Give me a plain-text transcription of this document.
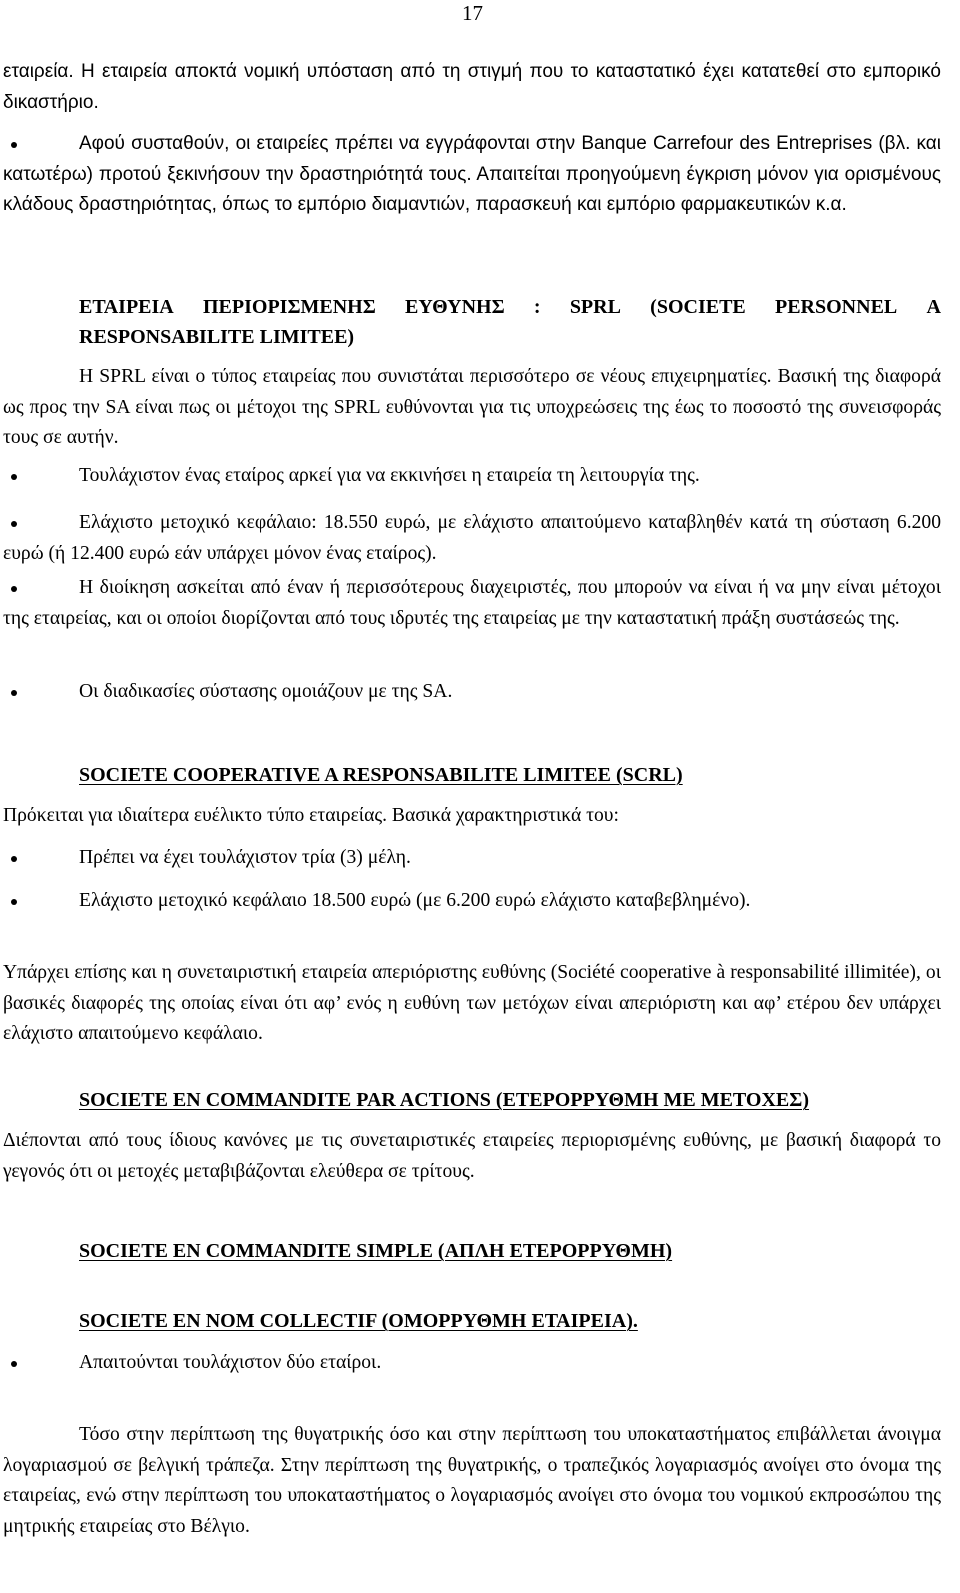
17

εταιρεία. Η εταιρεία αποκτά νομική υπόσταση από τη στιγμή που το καταστατικό έχει κατατεθεί στο εμπορικό δικαστήριο.

Αφού συσταθούν, οι εταιρείες πρέπει να εγγράφονται στην Banque Carrefour des Entreprises (βλ. και κατωτέρω) προτού ξεκινήσουν την δραστηριότητά τους. Απαιτείται προηγούμενη έγκριση μόνον για ορισμένους κλάδους δραστηριότητας, όπως το εμπόριο διαμαντιών, παρασκευή και εμπόριο φαρμακευτικών κ.α.
ΕΤΑΙΡΕΙΑ ΠΕΡΙΟΡΙΣΜΕΝΗΣ ΕΥΘΥΝΗΣ : SPRL (SOCIETE PERSONNEL A
RESPONSABILITE LIMITEE)

Η SPRL είναι ο τύπος εταιρείας που συνιστάται περισσότερο σε νέους επιχειρηματίες. Βασική της διαφορά ως προς την SA είναι πως οι μέτοχοι της SPRL ευθύνονται για τις υποχρεώσεις της έως το ποσοστό της συνεισφοράς τους σε αυτήν.

Τουλάχιστον ένας εταίρος αρκεί για να εκκινήσει η εταιρεία τη λειτουργία της.
Ελάχιστο μετοχικό κεφάλαιο: 18.550 ευρώ, με ελάχιστο απαιτούμενο καταβληθέν κατά τη σύσταση 6.200 ευρώ (ή 12.400 ευρώ εάν υπάρχει μόνον ένας εταίρος).
Η διοίκηση ασκείται από έναν ή περισσότερους διαχειριστές, που μπορούν να είναι ή να μην είναι μέτοχοι της εταιρείας, και οι οποίοι διορίζονται από τους ιδρυτές της εταιρείας με την καταστατική πράξη συστάσεώς της.
Οι διαδικασίες σύστασης ομοιάζουν με της SA.
SOCIETE COOPERATIVE A RESPONSABILITE LIMITEE (SCRL)

Πρόκειται για ιδιαίτερα ευέλικτο τύπο εταιρείας. Βασικά χαρακτηριστικά του:

Πρέπει να έχει τουλάχιστον τρία (3) μέλη.
Ελάχιστο μετοχικό κεφάλαιο 18.500 ευρώ (με 6.200 ευρώ ελάχιστο καταβεβλημένο).

Υπάρχει επίσης και η συνεταιριστική εταιρεία απεριόριστης ευθύνης (Société cooperative à responsabilité illimitée), οι βασικές διαφορές της οποίας είναι ότι αφ’ ενός η ευθύνη των μετόχων είναι απεριόριστη και αφ’ ετέρου δεν υπάρχει ελάχιστο απαιτούμενο κεφάλαιο.

SOCIETE EN COMMANDITE PAR ACTIONS (ΕΤΕΡΟΡΡΥΘΜΗ ΜΕ ΜΕΤΟΧΕΣ)

Διέπονται από τους ίδιους κανόνες με τις συνεταιριστικές εταιρείες περιορισμένης ευθύνης, με βασική διαφορά το γεγονός ότι οι μετοχές μεταβιβάζονται ελεύθερα σε τρίτους.

SOCIETE EN COMMANDITE SIMPLE (ΑΠΛΗ ΕΤΕΡΟΡΡΥΘΜΗ)
SOCIETE EN NOM COLLECTIF (ΟΜΟΡΡΥΘΜΗ ΕΤΑΙΡΕΙΑ).
Απαιτούνται τουλάχιστον δύο εταίροι.

Τόσο στην περίπτωση της θυγατρικής όσο και στην περίπτωση του υποκαταστήματος επιβάλλεται άνοιγμα λογαριασμού σε βελγική τράπεζα. Στην περίπτωση της θυγατρικής, ο τραπεζικός λογαριασμός ανοίγει στο όνομα της εταιρείας, ενώ στην περίπτωση του υποκαταστήματος ο λογαριασμός ανοίγει στο όνομα του νομικού εκπροσώπου της μητρικής εταιρείας στο Βέλγιο.
